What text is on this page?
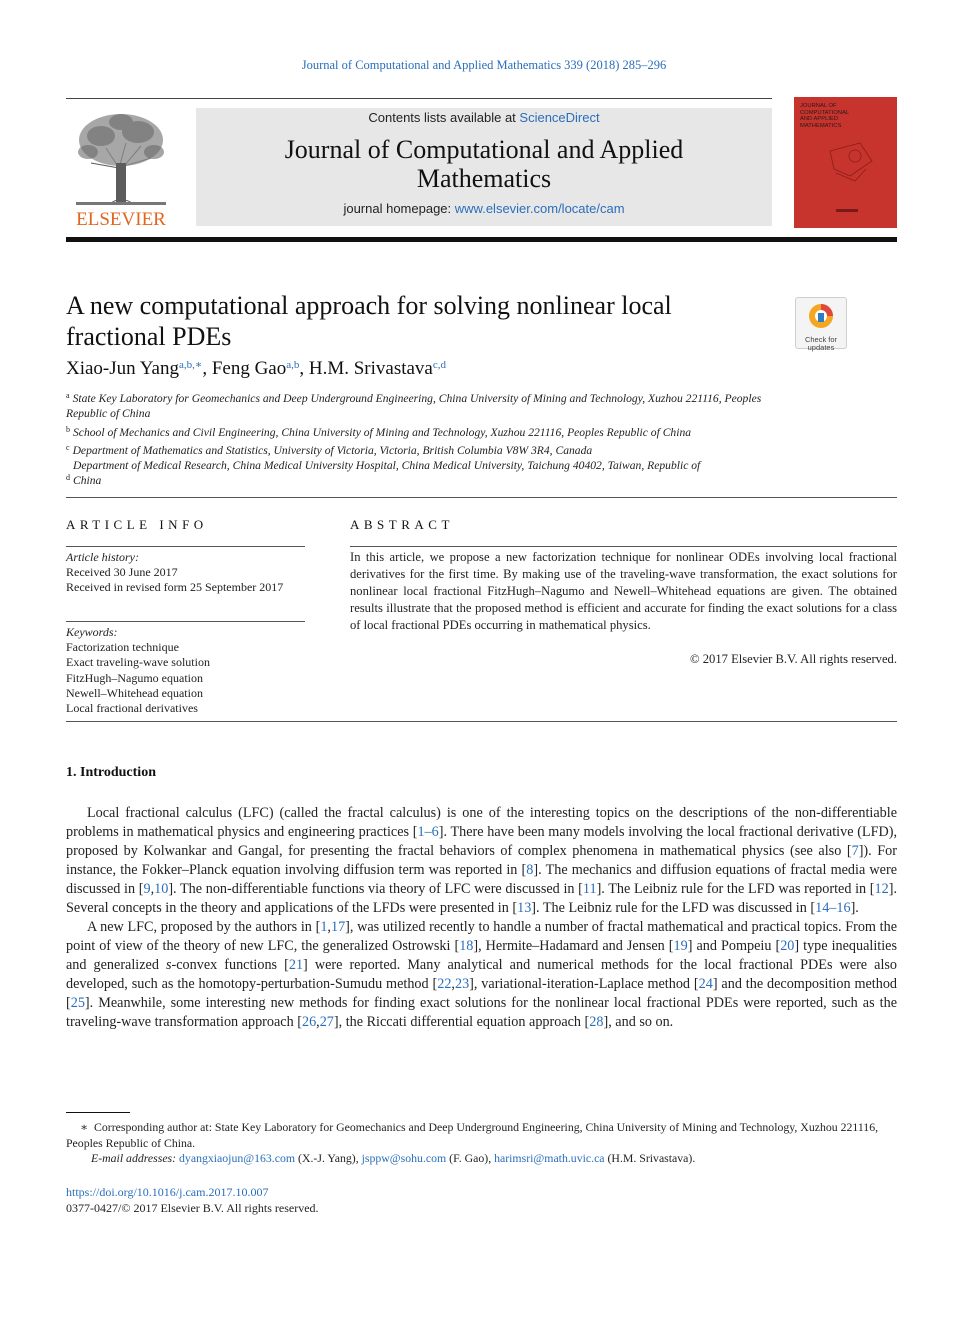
Journal of Computational and Applied Mathematics 339 (2018) 285–296
ELSEVIER
Contents lists available at ScienceDirect
Journal of Computational and Applied Mathematics
journal homepage: www.elsevier.com/locate/cam
JOURNAL OF COMPUTATIONAL AND APPLIED MATHEMATICS
A new computational approach for solving nonlinear local fractional PDEs	Check for updates
Xiao-Jun Yang$^{a,b,∗}$, Feng Gao$^{a,b}$, H.M. Srivastava$^{c,d}$
$^a$ State Key Laboratory for Geomechanics and Deep Underground Engineering, China University of Mining and Technology, Xuzhou 221116, Peoples Republic of China
$^b$ School of Mechanics and Civil Engineering, China University of Mining and Technology, Xuzhou 221116, Peoples Republic of China
$^c$ Department of Mathematics and Statistics, University of Victoria, Victoria, British Columbia V8W 3R4, Canada
$^d$Department of Medical Research, China Medical University Hospital, China Medical University, Taichung 40402, Taiwan, Republic of China
ARTICLE INFO	ABSTRACT
Article history:
Received 30 June 2017
Received in revised form 25 September 2017
Keywords:
Factorization technique
Exact traveling-wave solution
FitzHugh–Nagumo equation
Newell–Whitehead equation
Local fractional derivatives
In this article, we propose a new factorization technique for nonlinear ODEs involving local fractional derivatives for the first time. By making use of the traveling-wave transformation, the exact solutions for nonlinear local fractional FitzHugh–Nagumo and Newell–Whitehead equations are given. The obtained results illustrate that the proposed method is efficient and accurate for finding the exact solutions for a class of local fractional PDEs occurring in mathematical physics.
© 2017 Elsevier B.V. All rights reserved.
1. Introduction

Local fractional calculus (LFC) (called the fractal calculus) is one of the interesting topics on the descriptions of the non-differentiable problems in mathematical physics and engineering practices [1–6]. There have been many models involving the local fractional derivative (LFD), proposed by Kolwankar and Gangal, for presenting the fractal behaviors of complex phenomena in mathematical physics (see also [7]). For instance, the Fokker–Planck equation involving diffusion term was reported in [8]. The mechanics and diffusion equations of fractal media were discussed in [9,10]. The non-differentiable functions via theory of LFC were discussed in [11]. The Leibniz rule for the LFD was reported in [12]. Several concepts in the theory and applications of the LFDs were presented in [13]. The Leibniz rule for the LFD was discussed in [14–16].

A new LFC, proposed by the authors in [1,17], was utilized recently to handle a number of fractal mathematical and practical topics. From the point of view of the theory of new LFC, the generalized Ostrowski [18], Hermite–Hadamard and Jensen [19] and Pompeiu [20] type inequalities and generalized s-convex functions [21] were reported. Many analytical and numerical methods for the local fractional PDEs were also developed, such as the homotopy-perturbation-Sumudu method [22,23], variational-iteration-Laplace method [24] and the decomposition method [25]. Meanwhile, some interesting new methods for finding exact solutions for the nonlinear local fractional PDEs were reported, such as the traveling-wave transformation approach [26,27], the Riccati differential equation approach [28], and so on.

∗ Corresponding author at: State Key Laboratory for Geomechanics and Deep Underground Engineering, China University of Mining and Technology, Xuzhou 221116, Peoples Republic of China.
E-mail addresses: dyangxiaojun@163.com (X.-J. Yang), jsppw@sohu.com (F. Gao), harimsri@math.uvic.ca (H.M. Srivastava).
https://doi.org/10.1016/j.cam.2017.10.007
0377-0427/© 2017 Elsevier B.V. All rights reserved.
